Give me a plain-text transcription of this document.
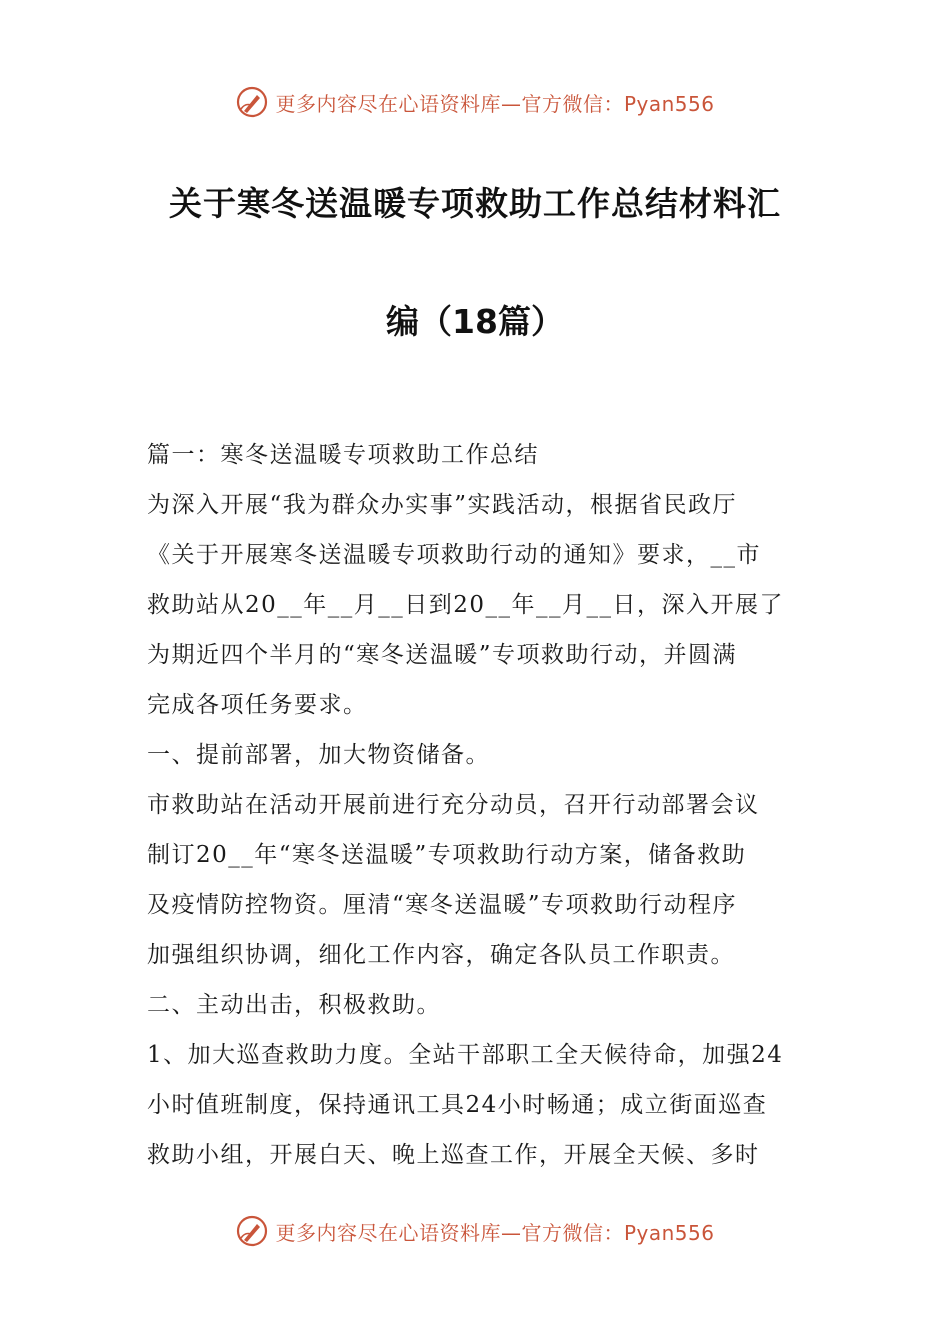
更多内容尽在心语资料库—官方微信：Pyan556
关于寒冬送温暖专项救助工作总结材料汇
编（18篇）
篇一：寒冬送温暖专项救助工作总结
为深入开展“我为群众办实事”实践活动，根据省民政厅
《关于开展寒冬送温暖专项救助行动的通知》要求，__市
救助站从20__年__月__日到20__年__月__日，深入开展了
为期近四个半月的“寒冬送温暖”专项救助行动，并圆满
完成各项任务要求。
一、提前部署，加大物资储备。
市救助站在活动开展前进行充分动员，召开行动部署会议
制订20__年“寒冬送温暖”专项救助行动方案，储备救助
及疫情防控物资。厘清“寒冬送温暖”专项救助行动程序
加强组织协调，细化工作内容，确定各队员工作职责。
二、主动出击，积极救助。
1、加大巡查救助力度。全站干部职工全天候待命，加强24
小时值班制度，保持通讯工具24小时畅通；成立街面巡查
救助小组，开展白天、晚上巡查工作，开展全天候、多时
更多内容尽在心语资料库—官方微信：Pyan556
